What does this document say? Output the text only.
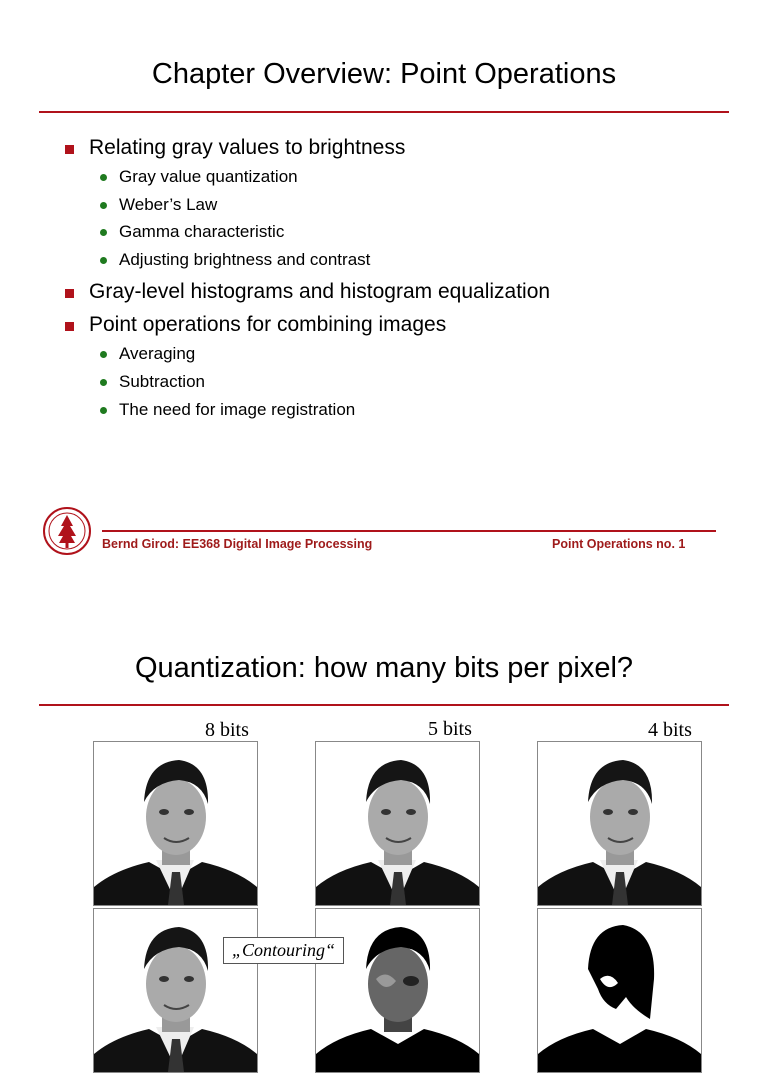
Chapter Overview: Point Operations
Relating gray values to brightness
Gray value quantization
Weber’s Law
Gamma characteristic
Adjusting brightness and contrast
Gray-level histograms and histogram equalization
Point operations for combining images
Averaging
Subtraction
The need for image registration
Bernd Girod: EE368 Digital Image Processing	Point Operations no. 1
Quantization: how many bits per pixel?
8 bits	5 bits	4 bits
„Contouring“
